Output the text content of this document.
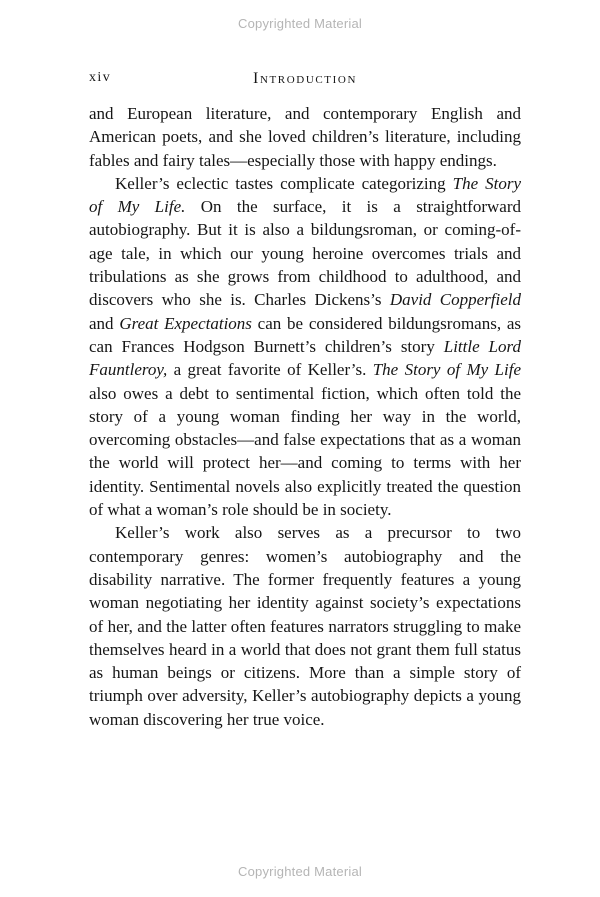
Copyrighted Material
xiv	Introduction

and European literature, and contemporary English and American poets, and she loved children’s literature, including fables and fairy tales—especially those with happy endings.

Keller’s eclectic tastes complicate categorizing The Story of My Life. On the surface, it is a straightforward autobiography. But it is also a bildungsroman, or coming-of-age tale, in which our young heroine overcomes trials and tribulations as she grows from childhood to adulthood, and discovers who she is. Charles Dickens’s David Copperfield and Great Expectations can be considered bildungsromans, as can Frances Hodgson Burnett’s children’s story Little Lord Fauntleroy, a great favorite of Keller’s. The Story of My Life also owes a debt to sentimental fiction, which often told the story of a young woman finding her way in the world, overcoming obstacles—and false expectations that as a woman the world will protect her—and coming to terms with her identity. Sentimental novels also explicitly treated the question of what a woman’s role should be in society.

Keller’s work also serves as a precursor to two contemporary genres: women’s autobiography and the disability narrative. The former frequently features a young woman negotiating her identity against society’s expectations of her, and the latter often features narrators struggling to make themselves heard in a world that does not grant them full status as human beings or citizens. More than a simple story of triumph over adversity, Keller’s autobiography depicts a young woman discovering her true voice.

Copyrighted Material
